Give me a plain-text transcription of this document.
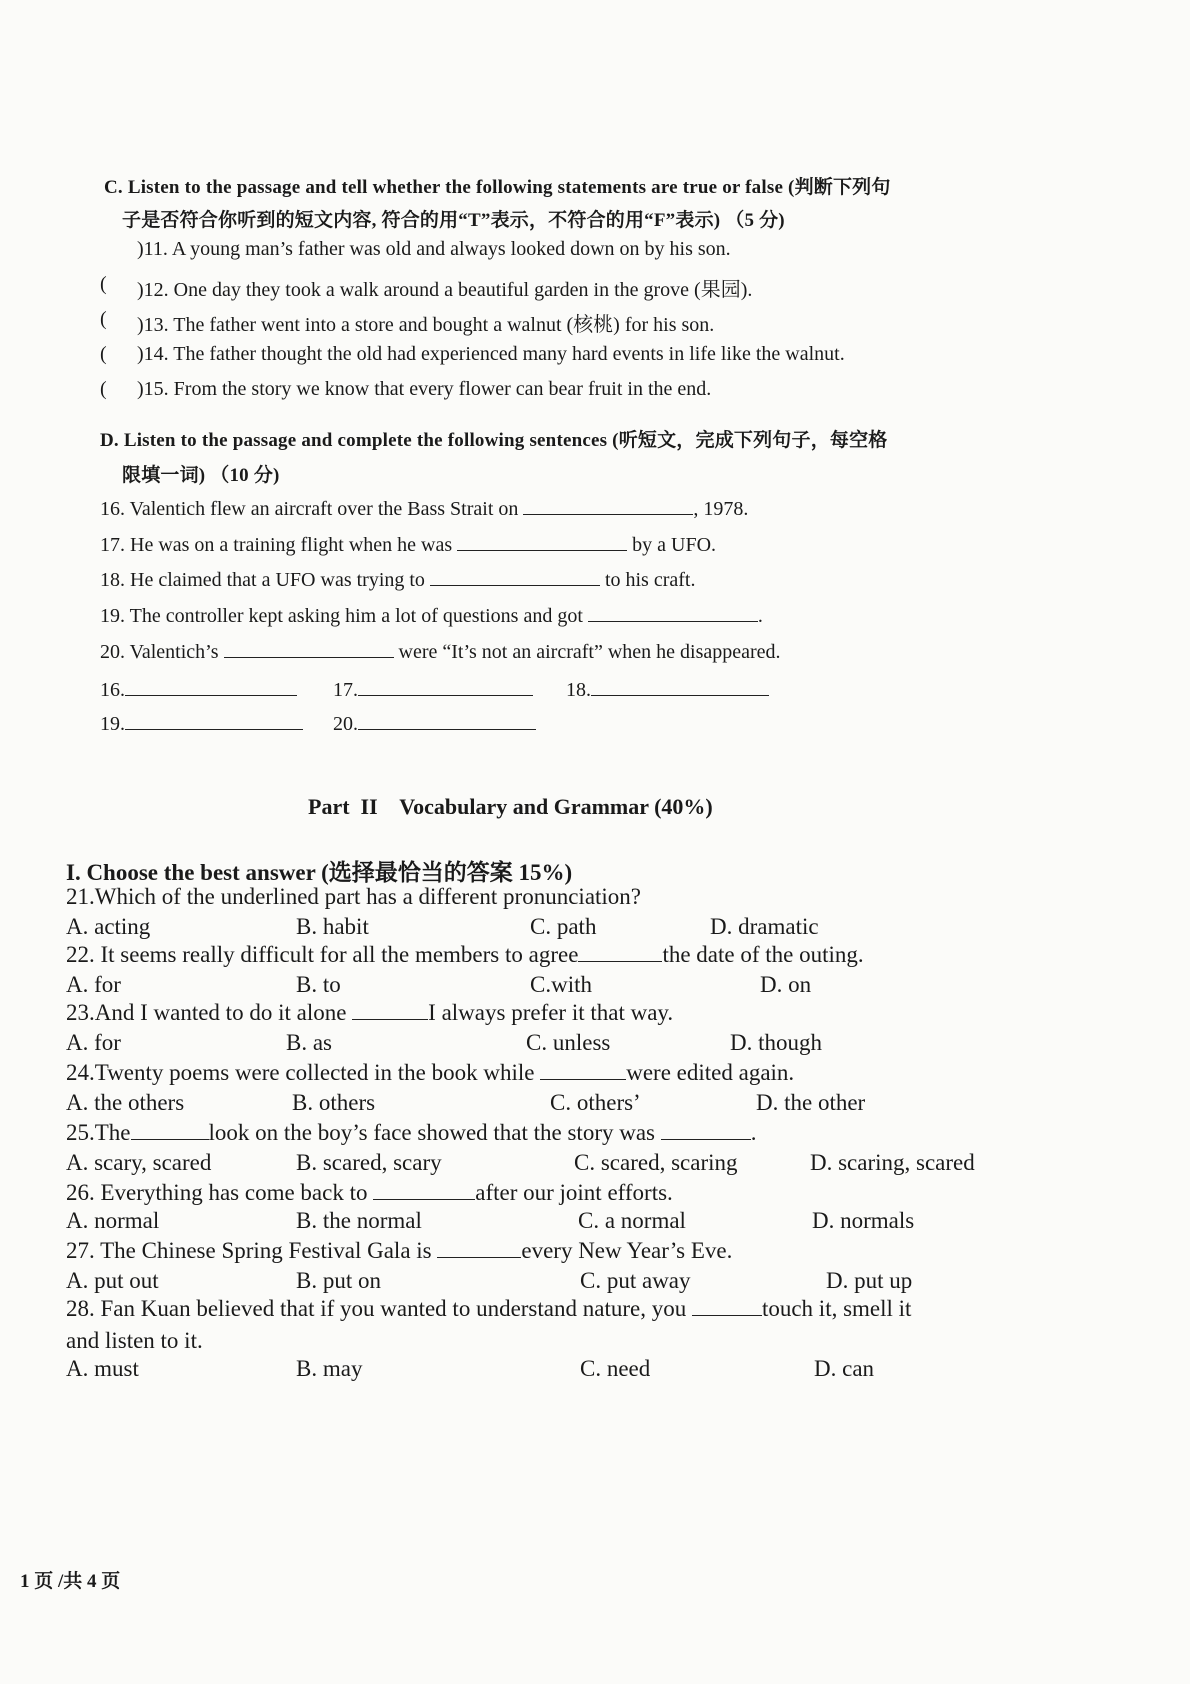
C. Listen to the passage and tell whether the following statements are true or false (判断下列句
子是否符合你听到的短文内容, 符合的用“T”表示，不符合的用“F”表示) （5 分)
)11. A young man’s father was old and always looked down on by his son.
( )12. One day they took a walk around a beautiful garden in the grove (果园).
( )13. The father went into a store and bought a walnut (核桃) for his son.
( )14. The father thought the old had experienced many hard events in life like the walnut.
( )15. From the story we know that every flower can bear fruit in the end.
D. Listen to the passage and complete the following sentences (听短文，完成下列句子，每空格
限填一词) （10 分)
16. Valentich flew an aircraft over the Bass Strait on	, 1978.
17. He was on a training flight when he was	by a UFO.
18. He claimed that a UFO was trying to	to his craft.
19. The controller kept asking him a lot of questions and got	.
20. Valentich’s	were “It’s not an aircraft” when he disappeared.
16.	17.	18.
19.	20.
Part  II    Vocabulary and Grammar (40%)
I. Choose the best answer (选择最恰当的答案 15%)
21.Which of the underlined part has a different pronunciation?
A. acting	B. habit	C. path	D. dramatic
22. It seems really difficult for all the members to agree	the date of the outing.
A. for	B. to	C.with	D. on
23.And I wanted to do it alone	I always prefer it that way.
A. for	B. as	C. unless	D. though
24.Twenty poems were collected in the book while	were edited again.
A. the others	B. others	C. others’	D. the other
25.The	look on the boy’s face showed that the story was	.
A. scary, scared	B. scared, scary	C. scared, scaring	D. scaring, scared
26. Everything has come back to	after our joint efforts.
A. normal	B. the normal	C. a normal	D. normals
27. The Chinese Spring Festival Gala is	every New Year’s Eve.
A. put out	B. put on	C. put away	D. put up
28. Fan Kuan believed that if you wanted to understand nature, you	touch it, smell it
and listen to it.
A. must	B. may	C. need	D. can
1 页 /共 4 页
